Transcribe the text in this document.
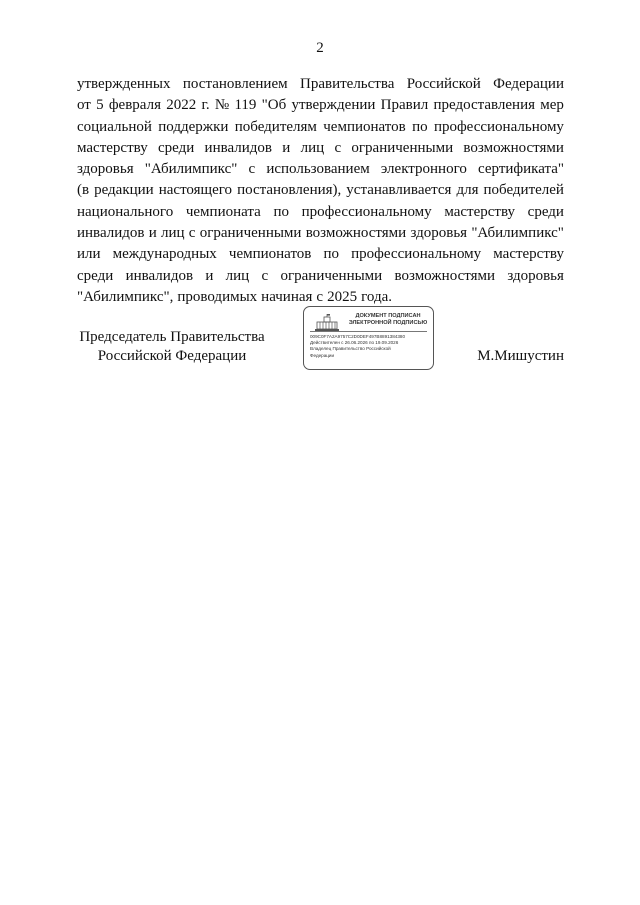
2
утвержденных постановлением Правительства Российской Федерации
от 5 февраля 2022 г. № 119 "Об утверждении Правил предоставления мер
социальной поддержки победителям чемпионатов по профессиональному
мастерству среди инвалидов и лиц с ограниченными возможностями
здоровья "Абилимпикс" с использованием электронного сертификата"
(в редакции настоящего постановления), устанавливается для победителей
национального чемпионата по профессиональному мастерству среди
инвалидов и лиц с ограниченными возможностями здоровья "Абилимпикс"
или международных чемпионатов по профессиональному мастерству
среди инвалидов и лиц с ограниченными возможностями здоровья
"Абилимпикс", проводимых начиная с 2025 года.
Председатель Правительства
Российской Федерации
ДОКУМЕНТ ПОДПИСАН
ЭЛЕКТРОННОЙ ПОДПИСЬЮ
009C0F7A2A9757C2D0DEF497B8891384380
Действителен с 26.06.2026 по 19.09.2026
Владелец Правительство Российской
Федерации	М.Мишустин
